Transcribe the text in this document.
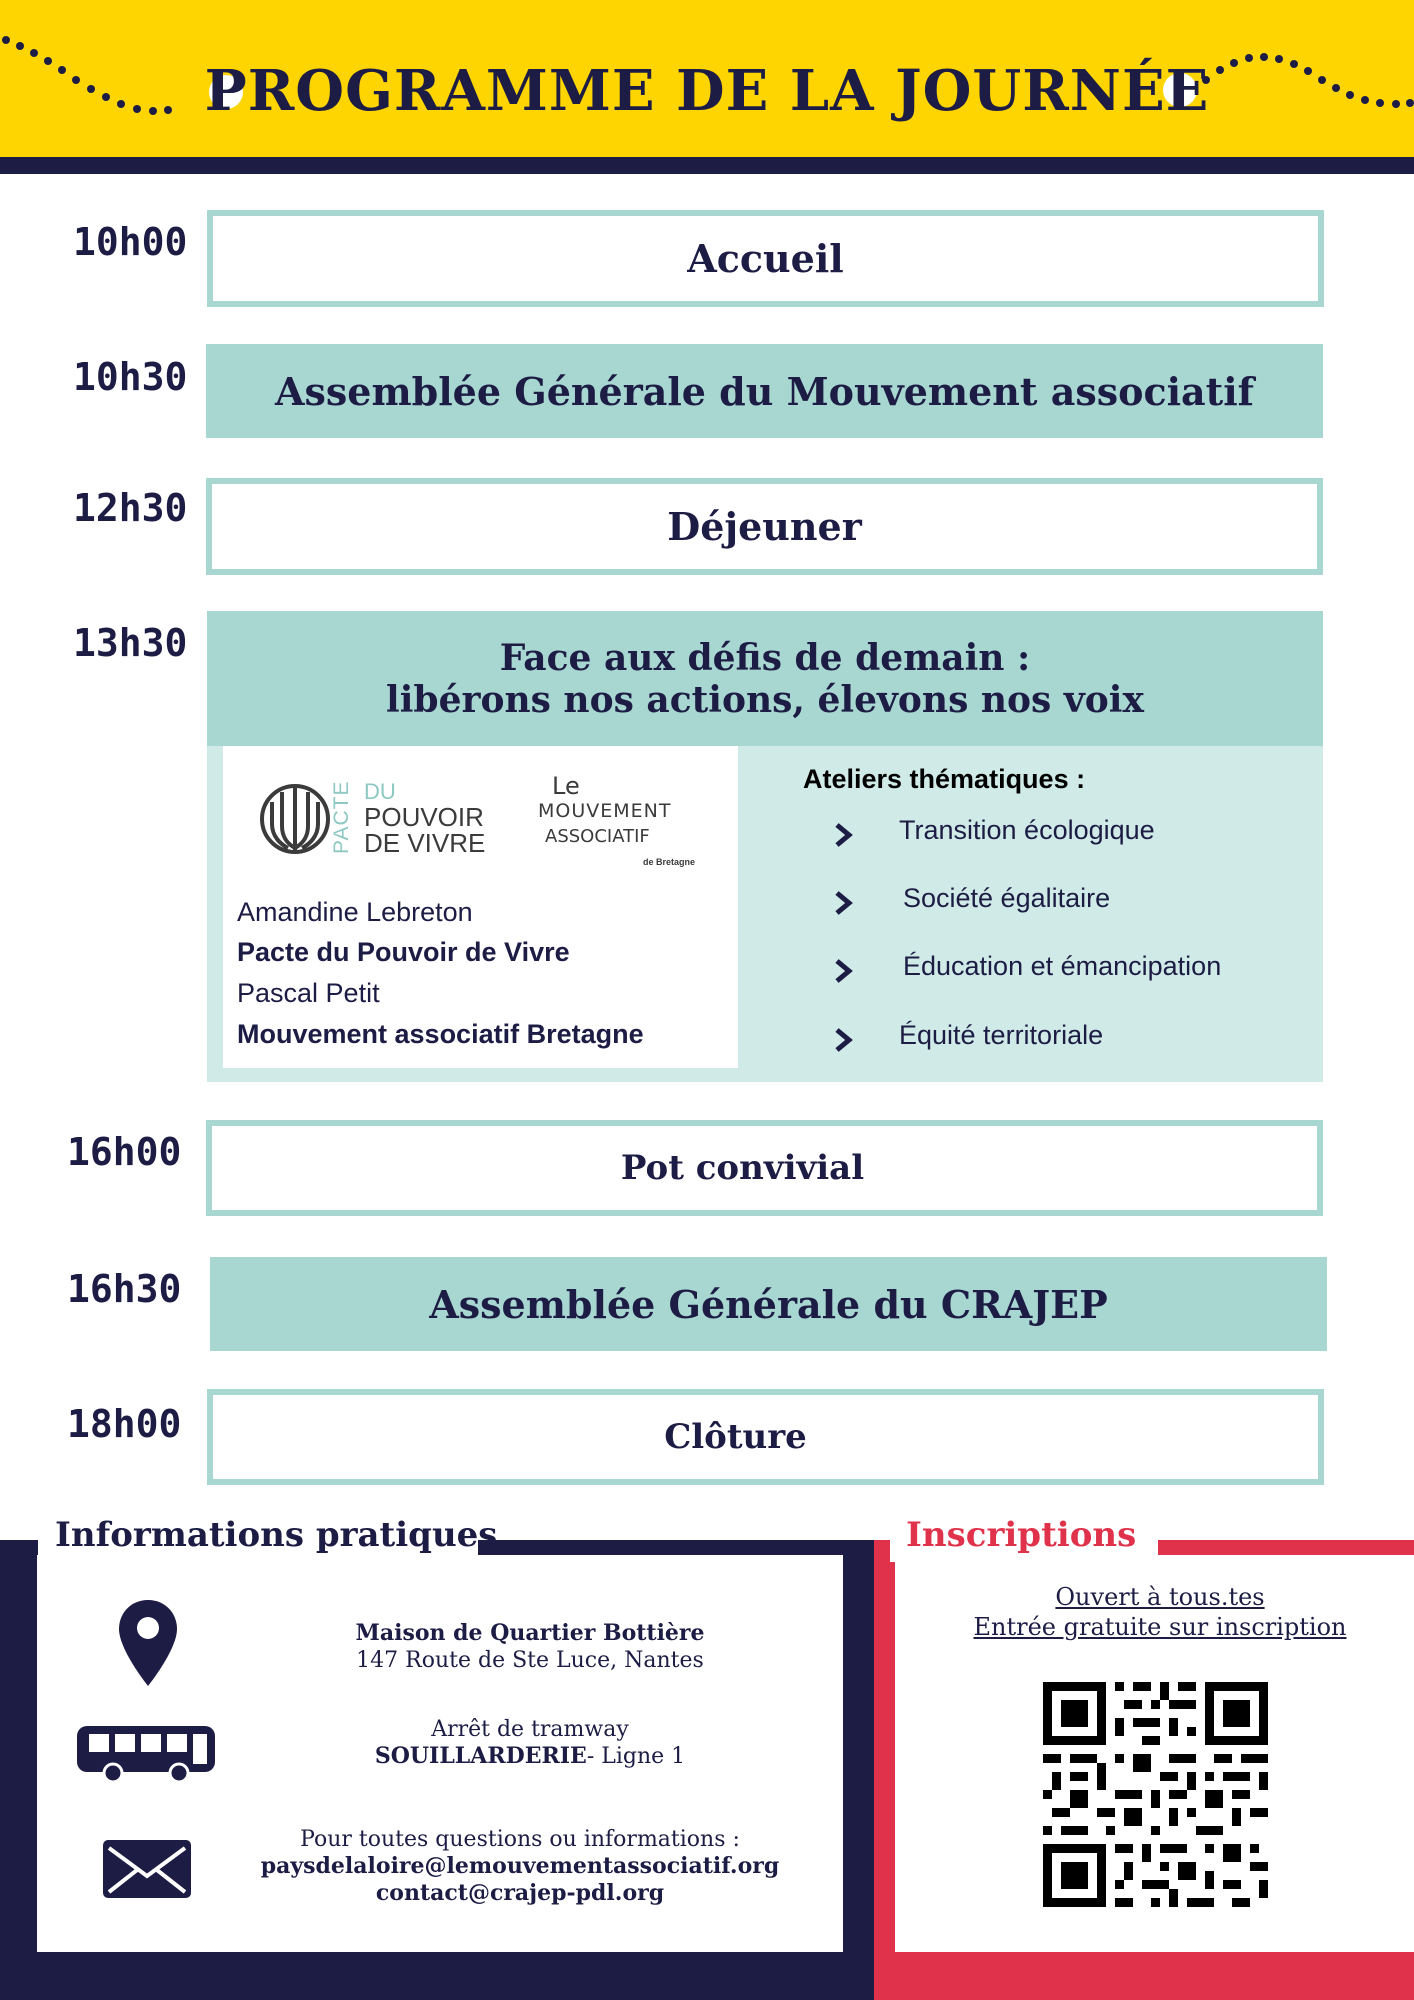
PROGRAMME DE LA JOURNÉE
10h00	Accueil
10h30	Assemblée Générale du Mouvement associatif
12h30	Déjeuner
13h30	Face aux défis de demain :
libérons nos actions, élevons nos voix
PACTE DU
POUVOIR
DE VIVRE
Le
MOUVEMENT
ASSOCIATIF
de Bretagne
Amandine Lebreton
Pacte du Pouvoir de Vivre
Pascal Petit
Mouvement associatif Bretagne
Ateliers thématiques :
Transition écologique
Société égalitaire
Éducation et émancipation
Équité territoriale
16h00	Pot convivial
16h30	Assemblée Générale du CRAJEP
18h00	Clôture
Informations pratiques
Maison de Quartier Bottière
147 Route de Ste Luce, Nantes
Arrêt de tramway
SOUILLARDERIE- Ligne 1
Pour toutes questions ou informations :
paysdelaloire@lemouvementassociatif.org
contact@crajep-pdl.org
Inscriptions
Ouvert à tous.tes
Entrée gratuite sur inscription
